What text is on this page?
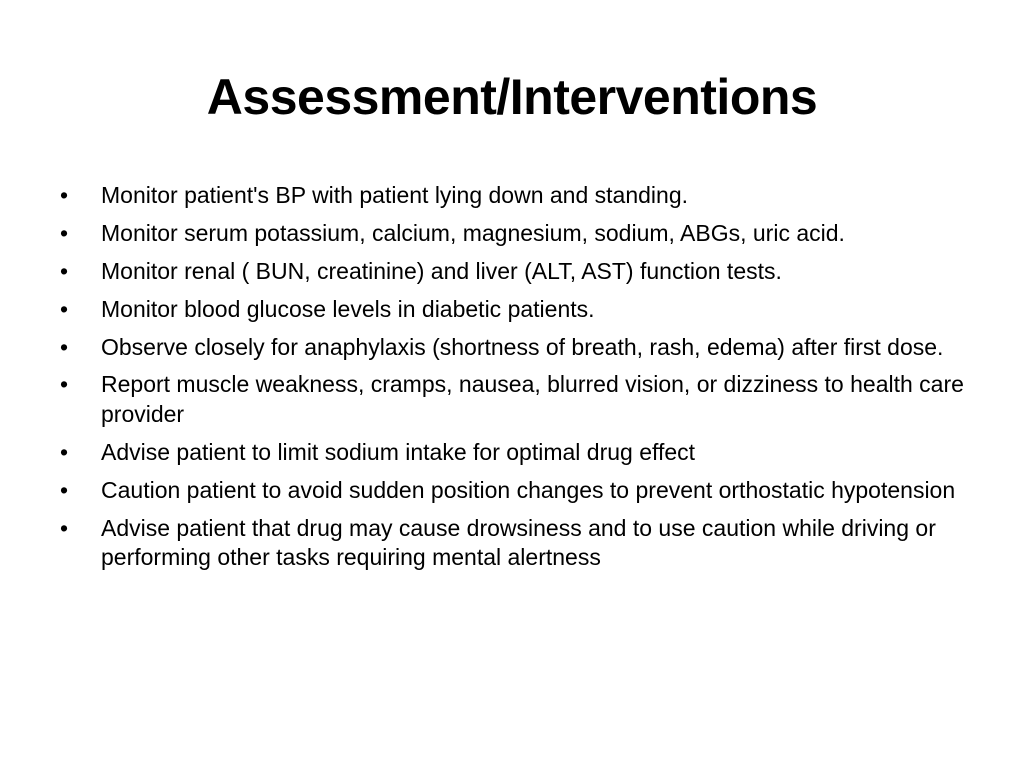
Assessment/Interventions
• Monitor patient's BP with patient lying down and standing.
• Monitor serum potassium, calcium, magnesium, sodium, ABGs, uric acid.
• Monitor renal ( BUN, creatinine) and liver (ALT, AST) function tests.
• Monitor blood glucose levels in diabetic patients.
• Observe closely for anaphylaxis (shortness of breath, rash, edema) after first dose.
• Report muscle weakness, cramps, nausea, blurred vision, or dizziness to health care provider
• Advise patient to limit sodium intake for optimal drug effect
• Caution patient to avoid sudden position changes to prevent orthostatic hypotension
• Advise patient that drug may cause drowsiness and to use caution while driving or performing other tasks requiring mental alertness
